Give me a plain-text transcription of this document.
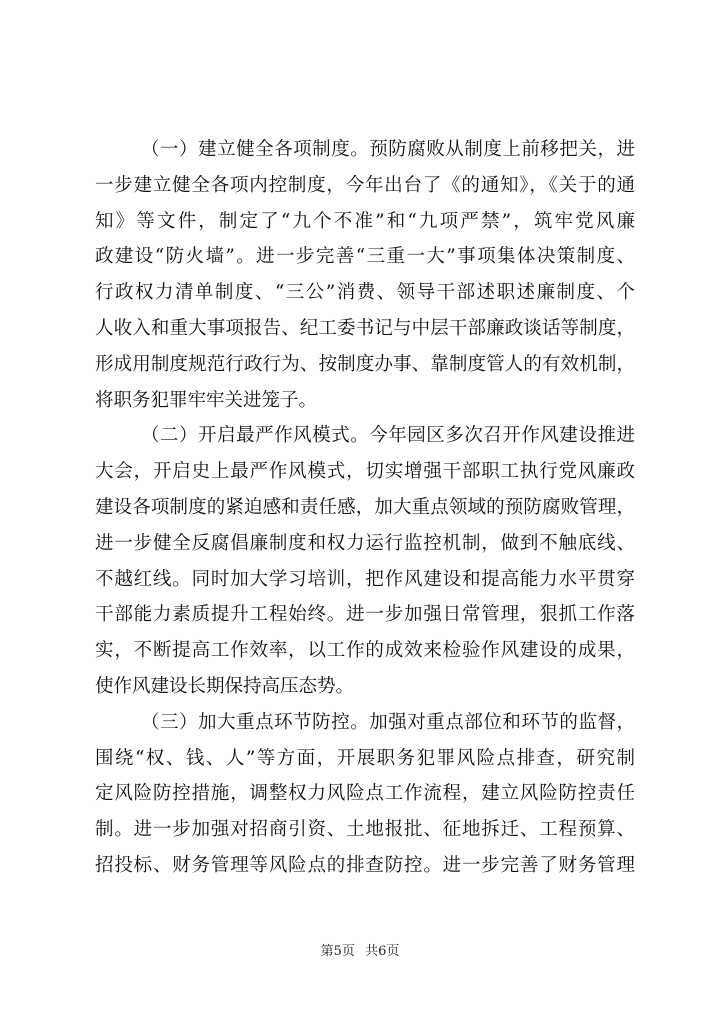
（一）建立健全各项制度。预防腐败从制度上前移把关，进
一步建立健全各项内控制度，今年出台了《的通知》，《关于的通
知》等文件，制定了“九个不准”和“九项严禁”，筑牢党风廉
政建设“防火墙”。进一步完善“三重一大”事项集体决策制度、
行政权力清单制度、“三公”消费、领导干部述职述廉制度、个
人收入和重大事项报告、纪工委书记与中层干部廉政谈话等制度，
形成用制度规范行政行为、按制度办事、靠制度管人的有效机制，
将职务犯罪牢牢关进笼子。
（二）开启最严作风模式。今年园区多次召开作风建设推进
大会，开启史上最严作风模式，切实增强干部职工执行党风廉政
建设各项制度的紧迫感和责任感，加大重点领域的预防腐败管理，
进一步健全反腐倡廉制度和权力运行监控机制，做到不触底线、
不越红线。同时加大学习培训，把作风建设和提高能力水平贯穿
干部能力素质提升工程始终。进一步加强日常管理，狠抓工作落
实，不断提高工作效率，以工作的成效来检验作风建设的成果，
使作风建设长期保持高压态势。
（三）加大重点环节防控。加强对重点部位和环节的监督，
围绕“权、钱、人”等方面，开展职务犯罪风险点排查，研究制
定风险防控措施，调整权力风险点工作流程，建立风险防控责任
制。进一步加强对招商引资、土地报批、征地拆迁、工程预算、
招投标、财务管理等风险点的排查防控。进一步完善了财务管理
第5页 共6页
